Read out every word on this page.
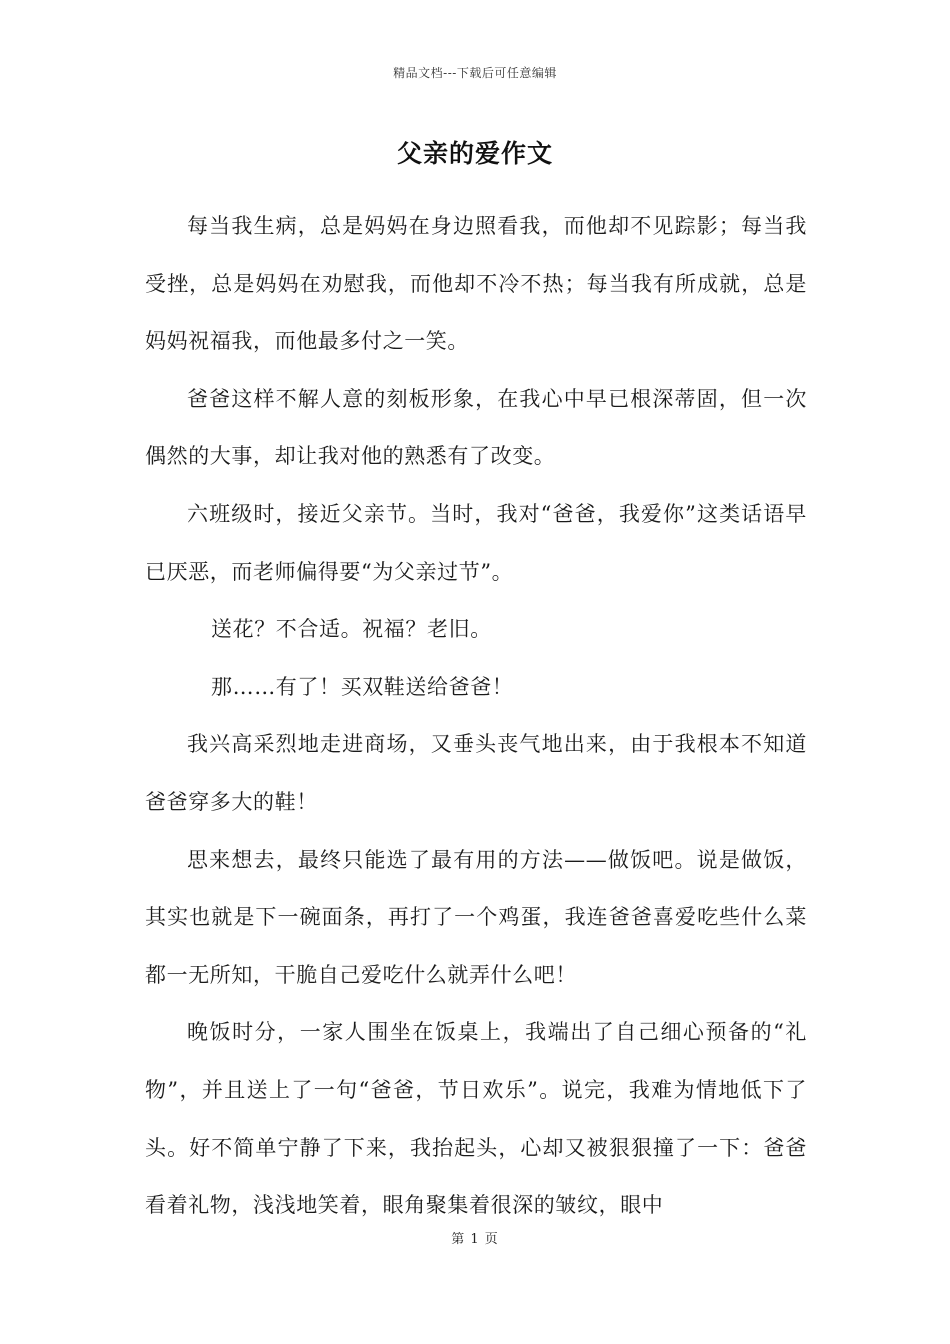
精品文档---下载后可任意编辑
父亲的爱作文

每当我生病，总是妈妈在身边照看我，而他却不见踪影；每当我受挫，总是妈妈在劝慰我，而他却不冷不热；每当我有所成就，总是妈妈祝福我，而他最多付之一笑。

爸爸这样不解人意的刻板形象，在我心中早已根深蒂固，但一次偶然的大事，却让我对他的熟悉有了改变。

六班级时，接近父亲节。当时，我对“爸爸，我爱你”这类话语早已厌恶，而老师偏得要“为父亲过节”。

送花？不合适。祝福？老旧。

那……有了！买双鞋送给爸爸！

我兴高采烈地走进商场，又垂头丧气地出来，由于我根本不知道爸爸穿多大的鞋！

思来想去，最终只能选了最有用的方法——做饭吧。说是做饭，其实也就是下一碗面条，再打了一个鸡蛋，我连爸爸喜爱吃些什么菜都一无所知，干脆自己爱吃什么就弄什么吧！

晚饭时分，一家人围坐在饭桌上，我端出了自己细心预备的“礼物”，并且送上了一句“爸爸，节日欢乐”。说完，我难为情地低下了头。好不简单宁静了下来，我抬起头，心却又被狠狠撞了一下：爸爸看着礼物，浅浅地笑着，眼角聚集着很深的皱纹，眼中

第 1 页
